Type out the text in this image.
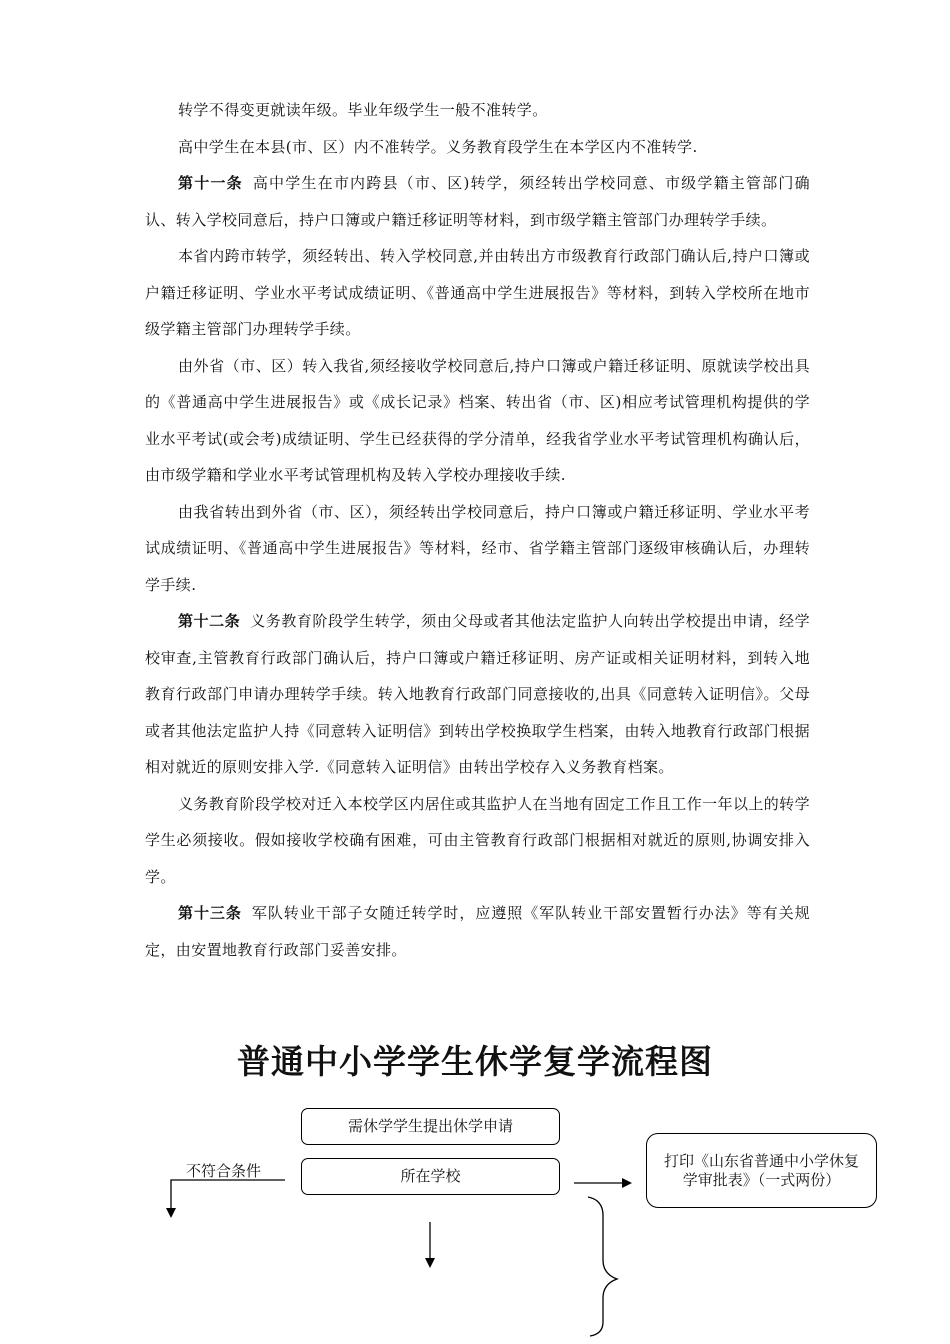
转学不得变更就读年级。毕业年级学生一般不准转学。

高中学生在本县(市、区）内不准转学。义务教育段学生在本学区内不准转学.

第十一条 高中学生在市内跨县（市、区)转学，须经转出学校同意、市级学籍主管部门确认、转入学校同意后，持户口簿或户籍迁移证明等材料，到市级学籍主管部门办理转学手续。

本省内跨市转学，须经转出、转入学校同意,并由转出方市级教育行政部门确认后,持户口簿或户籍迁移证明、学业水平考试成绩证明、《普通高中学生进展报告》等材料，到转入学校所在地市级学籍主管部门办理转学手续。

由外省（市、区）转入我省,须经接收学校同意后,持户口簿或户籍迁移证明、原就读学校出具的《普通高中学生进展报告》或《成长记录》档案、转出省（市、区)相应考试管理机构提供的学业水平考试(或会考)成绩证明、学生已经获得的学分清单，经我省学业水平考试管理机构确认后，由市级学籍和学业水平考试管理机构及转入学校办理接收手续.

由我省转出到外省（市、区），须经转出学校同意后，持户口簿或户籍迁移证明、学业水平考试成绩证明、《普通高中学生进展报告》等材料，经市、省学籍主管部门逐级审核确认后，办理转学手续.

第十二条 义务教育阶段学生转学，须由父母或者其他法定监护人向转出学校提出申请，经学校审查,主管教育行政部门确认后，持户口簿或户籍迁移证明、房产证或相关证明材料，到转入地教育行政部门申请办理转学手续。转入地教育行政部门同意接收的,出具《同意转入证明信》。父母或者其他法定监护人持《同意转入证明信》到转出学校换取学生档案，由转入地教育行政部门根据相对就近的原则安排入学.《同意转入证明信》由转出学校存入义务教育档案。

义务教育阶段学校对迁入本校学区内居住或其监护人在当地有固定工作且工作一年以上的转学学生必须接收。假如接收学校确有困难，可由主管教育行政部门根据相对就近的原则,协调安排入学。

第十三条 军队转业干部子女随迁转学时，应遵照《军队转业干部安置暂行办法》等有关规定，由安置地教育行政部门妥善安排。

普通中小学学生休学复学流程图
需休学学生提出休学申请
所在学校
打印《山东省普通中小学休复学审批表》（一式两份）
不符合条件
